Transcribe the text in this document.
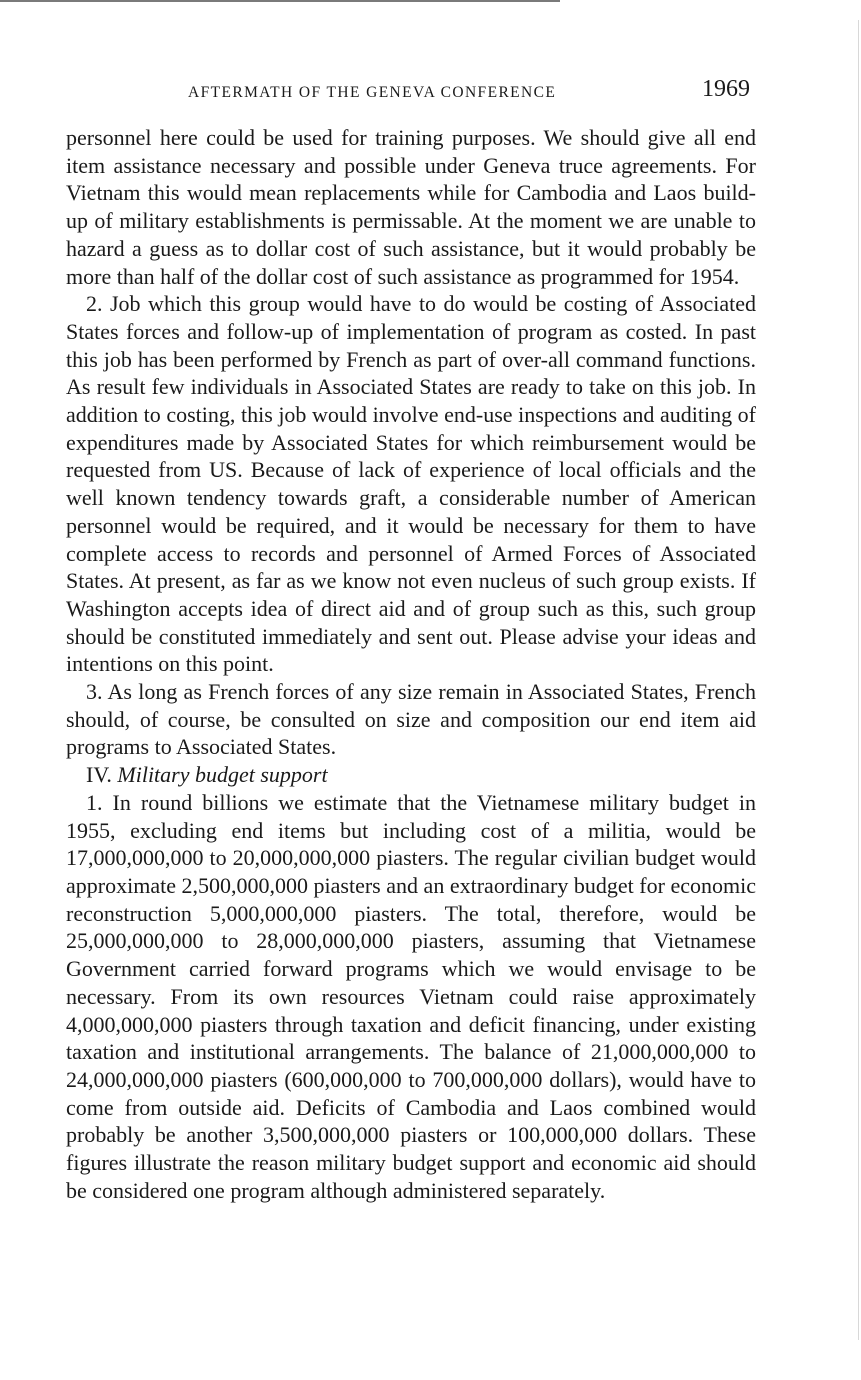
AFTERMATH OF THE GENEVA CONFERENCE	1969

personnel here could be used for training purposes. We should give all end item assistance necessary and possible under Geneva truce agreements. For Vietnam this would mean replacements while for Cambodia and Laos build-up of military establishments is permissable. At the moment we are unable to hazard a guess as to dollar cost of such assistance, but it would probably be more than half of the dollar cost of such assistance as programmed for 1954.

2. Job which this group would have to do would be costing of Associated States forces and follow-up of implementation of program as costed. In past this job has been performed by French as part of over-all command functions. As result few individuals in Associated States are ready to take on this job. In addition to costing, this job would involve end-use inspections and auditing of expenditures made by Associated States for which reimbursement would be requested from US. Because of lack of experience of local officials and the well known tendency towards graft, a considerable number of American personnel would be required, and it would be necessary for them to have complete access to records and personnel of Armed Forces of Associated States. At present, as far as we know not even nucleus of such group exists. If Washington accepts idea of direct aid and of group such as this, such group should be constituted immediately and sent out. Please advise your ideas and intentions on this point.

3. As long as French forces of any size remain in Associated States, French should, of course, be consulted on size and composition our end item aid programs to Associated States.

IV. Military budget support

1. In round billions we estimate that the Vietnamese military budget in 1955, excluding end items but including cost of a militia, would be 17,000,000,000 to 20,000,000,000 piasters. The regular civilian budget would approximate 2,500,000,000 piasters and an extraordinary budget for economic reconstruction 5,000,000,000 piasters. The total, therefore, would be 25,000,000,000 to 28,000,000,000 piasters, assuming that Vietnamese Government carried forward programs which we would envisage to be necessary. From its own resources Vietnam could raise approximately 4,000,000,000 piasters through taxation and deficit financing, under existing taxation and institutional arrangements. The balance of 21,000,000,000 to 24,000,000,000 piasters (600,000,000 to 700,000,000 dollars), would have to come from outside aid. Deficits of Cambodia and Laos combined would probably be another 3,500,000,000 piasters or 100,000,000 dollars. These figures illustrate the reason military budget support and economic aid should be considered one program although administered separately.
